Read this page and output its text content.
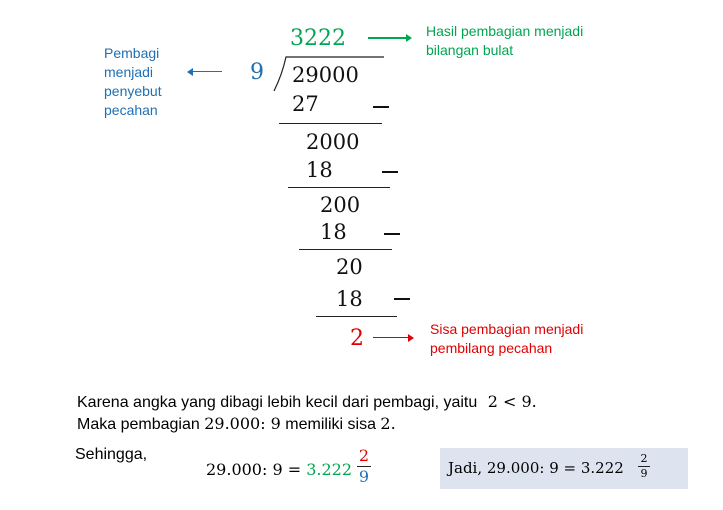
3222	Hasil pembagian menjadi
bilangan bulat
Pembagi
menjadi
penyebut
pecahan
9 29000
27
2000
18
200
18
20
18
2	Sisa pembagian menjadi
pembilang pecahan
Karena angka yang dibagi lebih kecil dari pembagi, yaitu 2 < 9.
Maka pembagian 29.000: 9 memiliki sisa 2.
Sehingga,
29.000: 9 = 3.222
2
9	Jadi, 29.000: 9 = 3.222
2
9
